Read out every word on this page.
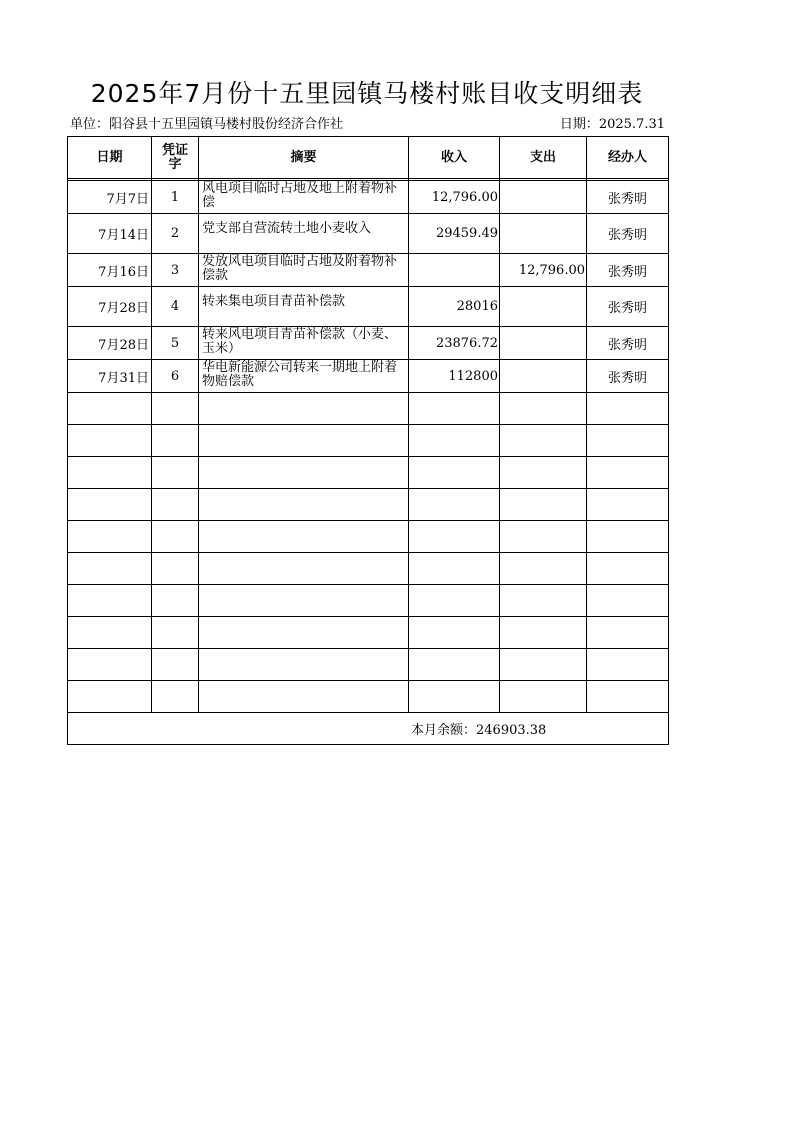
2025年7月份十五里园镇马楼村账目收支明细表
单位：阳谷县十五里园镇马楼村股份经济合作社	日期：2025.7.31
日期	凭证字	摘要	收入	支出	经办人

7月7日	1	风电项目临时占地及地上附着物补偿	12,796.00		张秀明
7月14日	2	党支部自营流转土地小麦收入	29459.49		张秀明
7月16日	3	发放风电项目临时占地及附着物补偿款		12,796.00	张秀明
7月28日	4	转来集电项目青苗补偿款	28016		张秀明
7月28日	5	转来风电项目青苗补偿款（小麦、玉米）	23876.72		张秀明
7月31日	6	华电新能源公司转来一期地上附着物赔偿款	112800		张秀明

本月余额：246903.38					
